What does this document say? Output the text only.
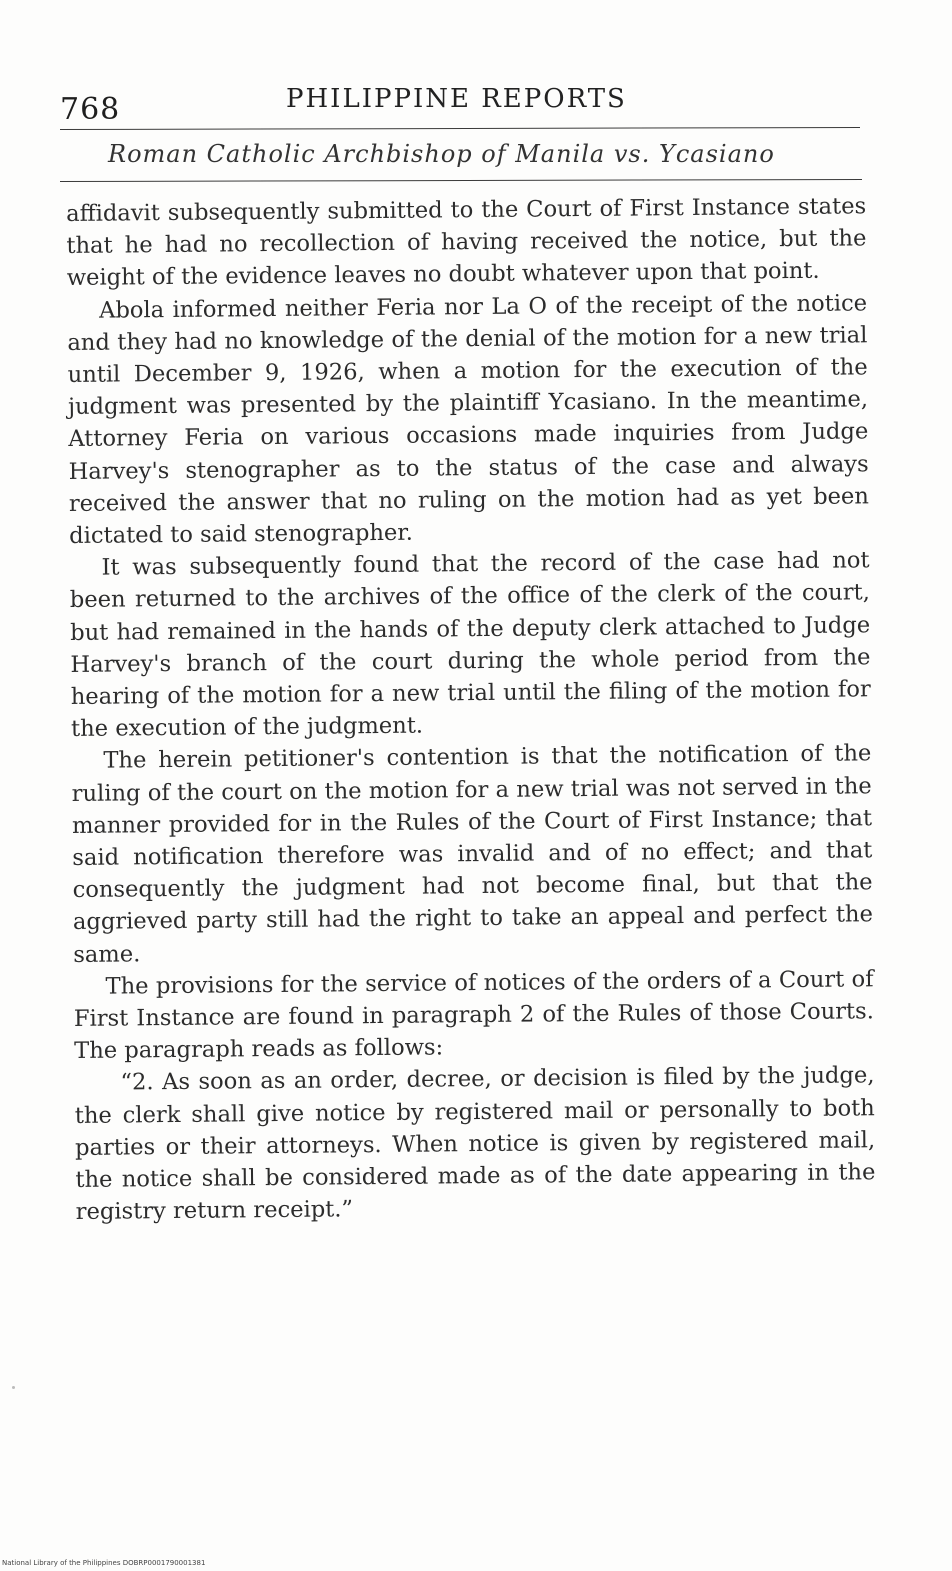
768	PHILIPPINE REPORTS
Roman Catholic Archbishop of Manila vs. Ycasiano

affidavit subsequently submitted to the Court of First Instance states that he had no recollection of having received the notice, but the weight of the evidence leaves no doubt whatever upon that point.

Abola informed neither Feria nor La O of the receipt of the notice and they had no knowledge of the denial of the motion for a new trial until December 9, 1926, when a motion for the execution of the judgment was presented by the plaintiff Ycasiano. In the meantime, Attorney Feria on various occasions made inquiries from Judge Harvey's stenographer as to the status of the case and always received the answer that no ruling on the motion had as yet been dictated to said stenographer.

It was subsequently found that the record of the case had not been returned to the archives of the office of the clerk of the court, but had remained in the hands of the deputy clerk attached to Judge Harvey's branch of the court during the whole period from the hearing of the motion for a new trial until the filing of the motion for the execution of the judgment.

The herein petitioner's contention is that the notification of the ruling of the court on the motion for a new trial was not served in the manner provided for in the Rules of the Court of First Instance; that said notification therefore was invalid and of no effect; and that consequently the judgment had not become final, but that the aggrieved party still had the right to take an appeal and perfect the same.

The provisions for the service of notices of the orders of a Court of First Instance are found in paragraph 2 of the Rules of those Courts. The paragraph reads as follows:

“2. As soon as an order, decree, or decision is filed by the judge, the clerk shall give notice by registered mail or personally to both parties or their attorneys. When notice is given by registered mail, the notice shall be considered made as of the date appearing in the registry return receipt.”

National Library of the Philippines DOBRP0001790001381
